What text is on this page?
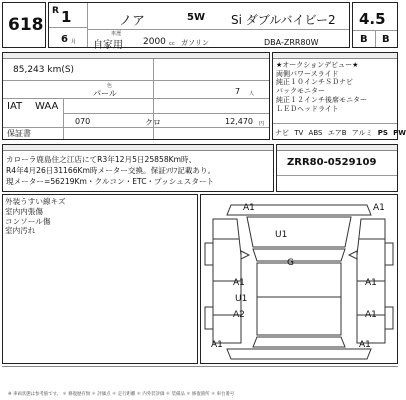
618
R 1
6 月
ノア	5W Si ダブルバイビー2
車歴
自家用 2000 cc ガソリン	DBA-ZRR80W
4.5
B B
85,243 km(S)
色
パール	7 人
IAT WAA
070	クロ	12,470 円
保証書
★オークションデビュー★
両側パワースライド
純正１０インチＳＤナビ
バックモニター
純正１２インチ後席モニター
ＬＥＤヘッドライト
ナビ TV ABS エアB アルミ PS PW
カローラ鹿島住之江店にてR3年12月5日25858Km時、
R4年4月26日31166Km時メーター交換。保証ｿﾘﾌ記載あり。
現メーター=56219Km・クルコン・ETC・プッシュスタート
ZRR80-0529109
外装うすい線キズ
室内内張傷
コンソール傷
室内汚れ
A1	A1
U1
G
A1	A1
U1
A2	A1
A1	A1
※ 車両状態は参考値です。 ＊ 修復歴有無 ＊ 評価点 ＊ 走行距離 ＊ 内外装評価 ＊ 装備品 ＊ 修復箇所 ＊ 車台番号
